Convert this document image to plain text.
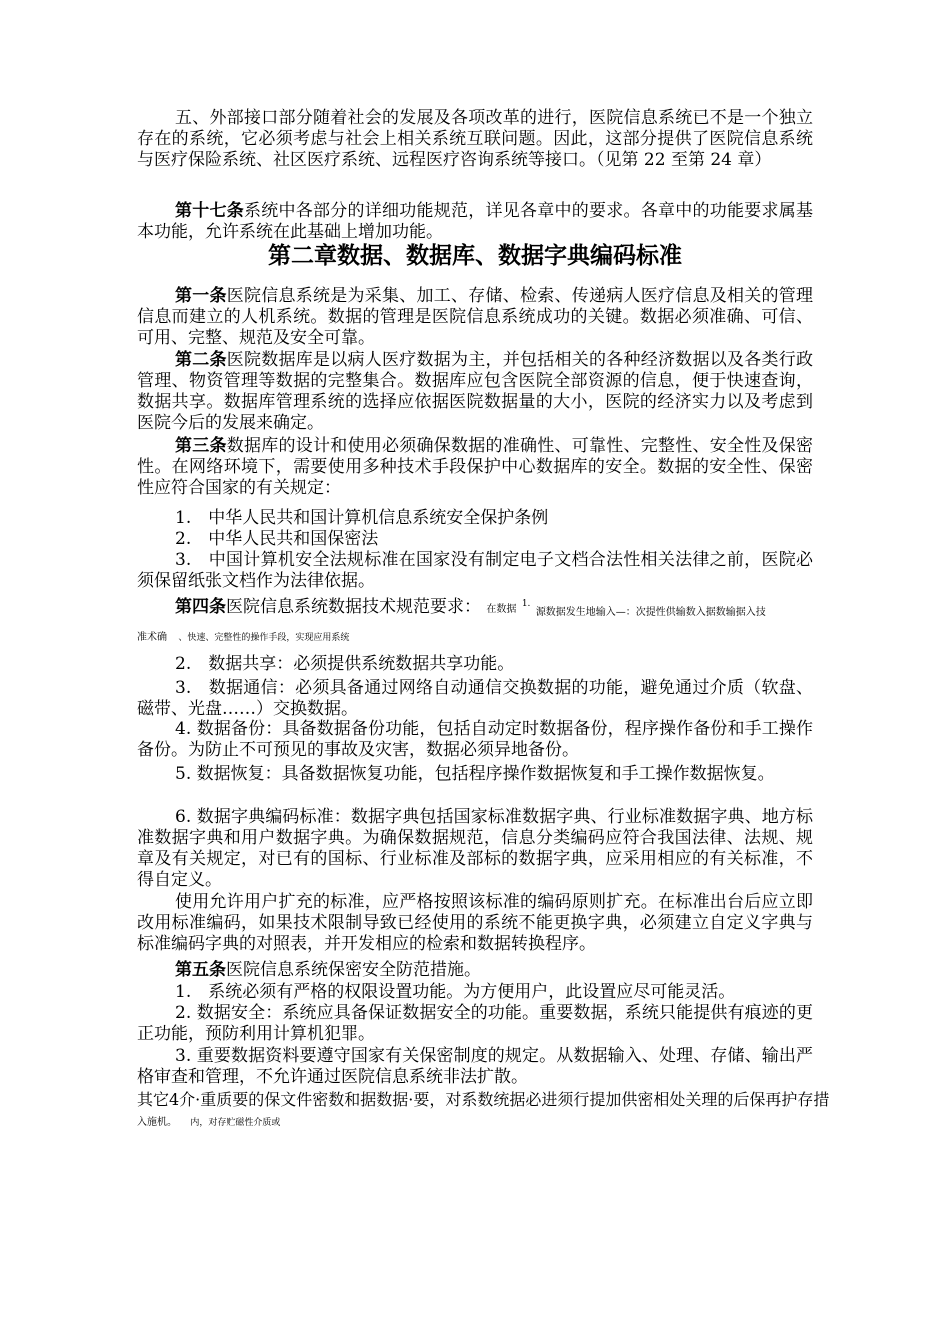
五、外部接口部分随着社会的发展及各项改革的进行，医院信息系统已不是一个独立存在的系统，它必须考虑与社会上相关系统互联问题。因此，这部分提供了医院信息系统与医疗保险系统、社区医疗系统、远程医疗咨询系统等接口。（见第 22 至第 24 章）

第十七条系统中各部分的详细功能规范，详见各章中的要求。各章中的功能要求属基本功能，允许系统在此基础上增加功能。

第二章数据、数据库、数据字典编码标准

第一条医院信息系统是为采集、加工、存储、检索、传递病人医疗信息及相关的管理信息而建立的人机系统。数据的管理是医院信息系统成功的关键。数据必须准确、可信、可用、完整、规范及安全可靠。

第二条医院数据库是以病人医疗数据为主，并包括相关的各种经济数据以及各类行政管理、物资管理等数据的完整集合。数据库应包含医院全部资源的信息，便于快速查询，数据共享。数据库管理系统的选择应依据医院数据量的大小，医院的经济实力以及考虑到医院今后的发展来确定。

第三条数据库的设计和使用必须确保数据的准确性、可靠性、完整性、安全性及保密性。在网络环境下，需要使用多种技术手段保护中心数据库的安全。数据的安全性、保密性应符合国家的有关规定：

1.　中华人民共和国计算机信息系统安全保护条例

2.　中华人民共和国保密法

3.　中国计算机安全法规标准在国家没有制定电子文档合法性相关法律之前，医院必须保留纸张文档作为法律依据。

第四条医院信息系统数据技术规范要求： 在数据 $^{1.}$ 源数据发生地输入—：次提性供输数入据数输据入技
准术确 、快速、完整性的操作手段，实现应用系统

2.　数据共享：必须提供系统数据共享功能。

3.　数据通信：必须具备通过网络自动通信交换数据的功能，避免通过介质（软盘、磁带、光盘……）交换数据。

4. 数据备份：具备数据备份功能，包括自动定时数据备份，程序操作备份和手工操作备份。为防止不可预见的事故及灾害，数据必须异地备份。

5. 数据恢复：具备数据恢复功能，包括程序操作数据恢复和手工操作数据恢复。

6. 数据字典编码标准：数据字典包括国家标准数据字典、行业标准数据字典、地方标准数据字典和用户数据字典。为确保数据规范，信息分类编码应符合我国法律、法规、规章及有关规定，对已有的国标、行业标准及部标的数据字典，应采用相应的有关标准，不得自定义。

使用允许用户扩充的标准，应严格按照该标准的编码原则扩充。在标准出台后应立即改用标准编码，如果技术限制导致已经使用的系统不能更换字典，必须建立自定义字典与标准编码字典的对照表，并开发相应的检索和数据转换程序。

第五条医院信息系统保密安全防范措施。

1.　系统必须有严格的权限设置功能。为方便用户，此设置应尽可能灵活。

2. 数据安全：系统应具备保证数据安全的功能。重要数据，系统只能提供有痕迹的更正功能，预防利用计算机犯罪。

3. 重要数据资料要遵守国家有关保密制度的规定。从数据输入、处理、存储、输出严格审查和管理，不允许通过医院信息系统非法扩散。

其它4介·重质要的保文件密数和据数据·要，对系数统据必进须行提加供密相处关理的后保再护存措
入施机。 内，对存贮磁性介质或
